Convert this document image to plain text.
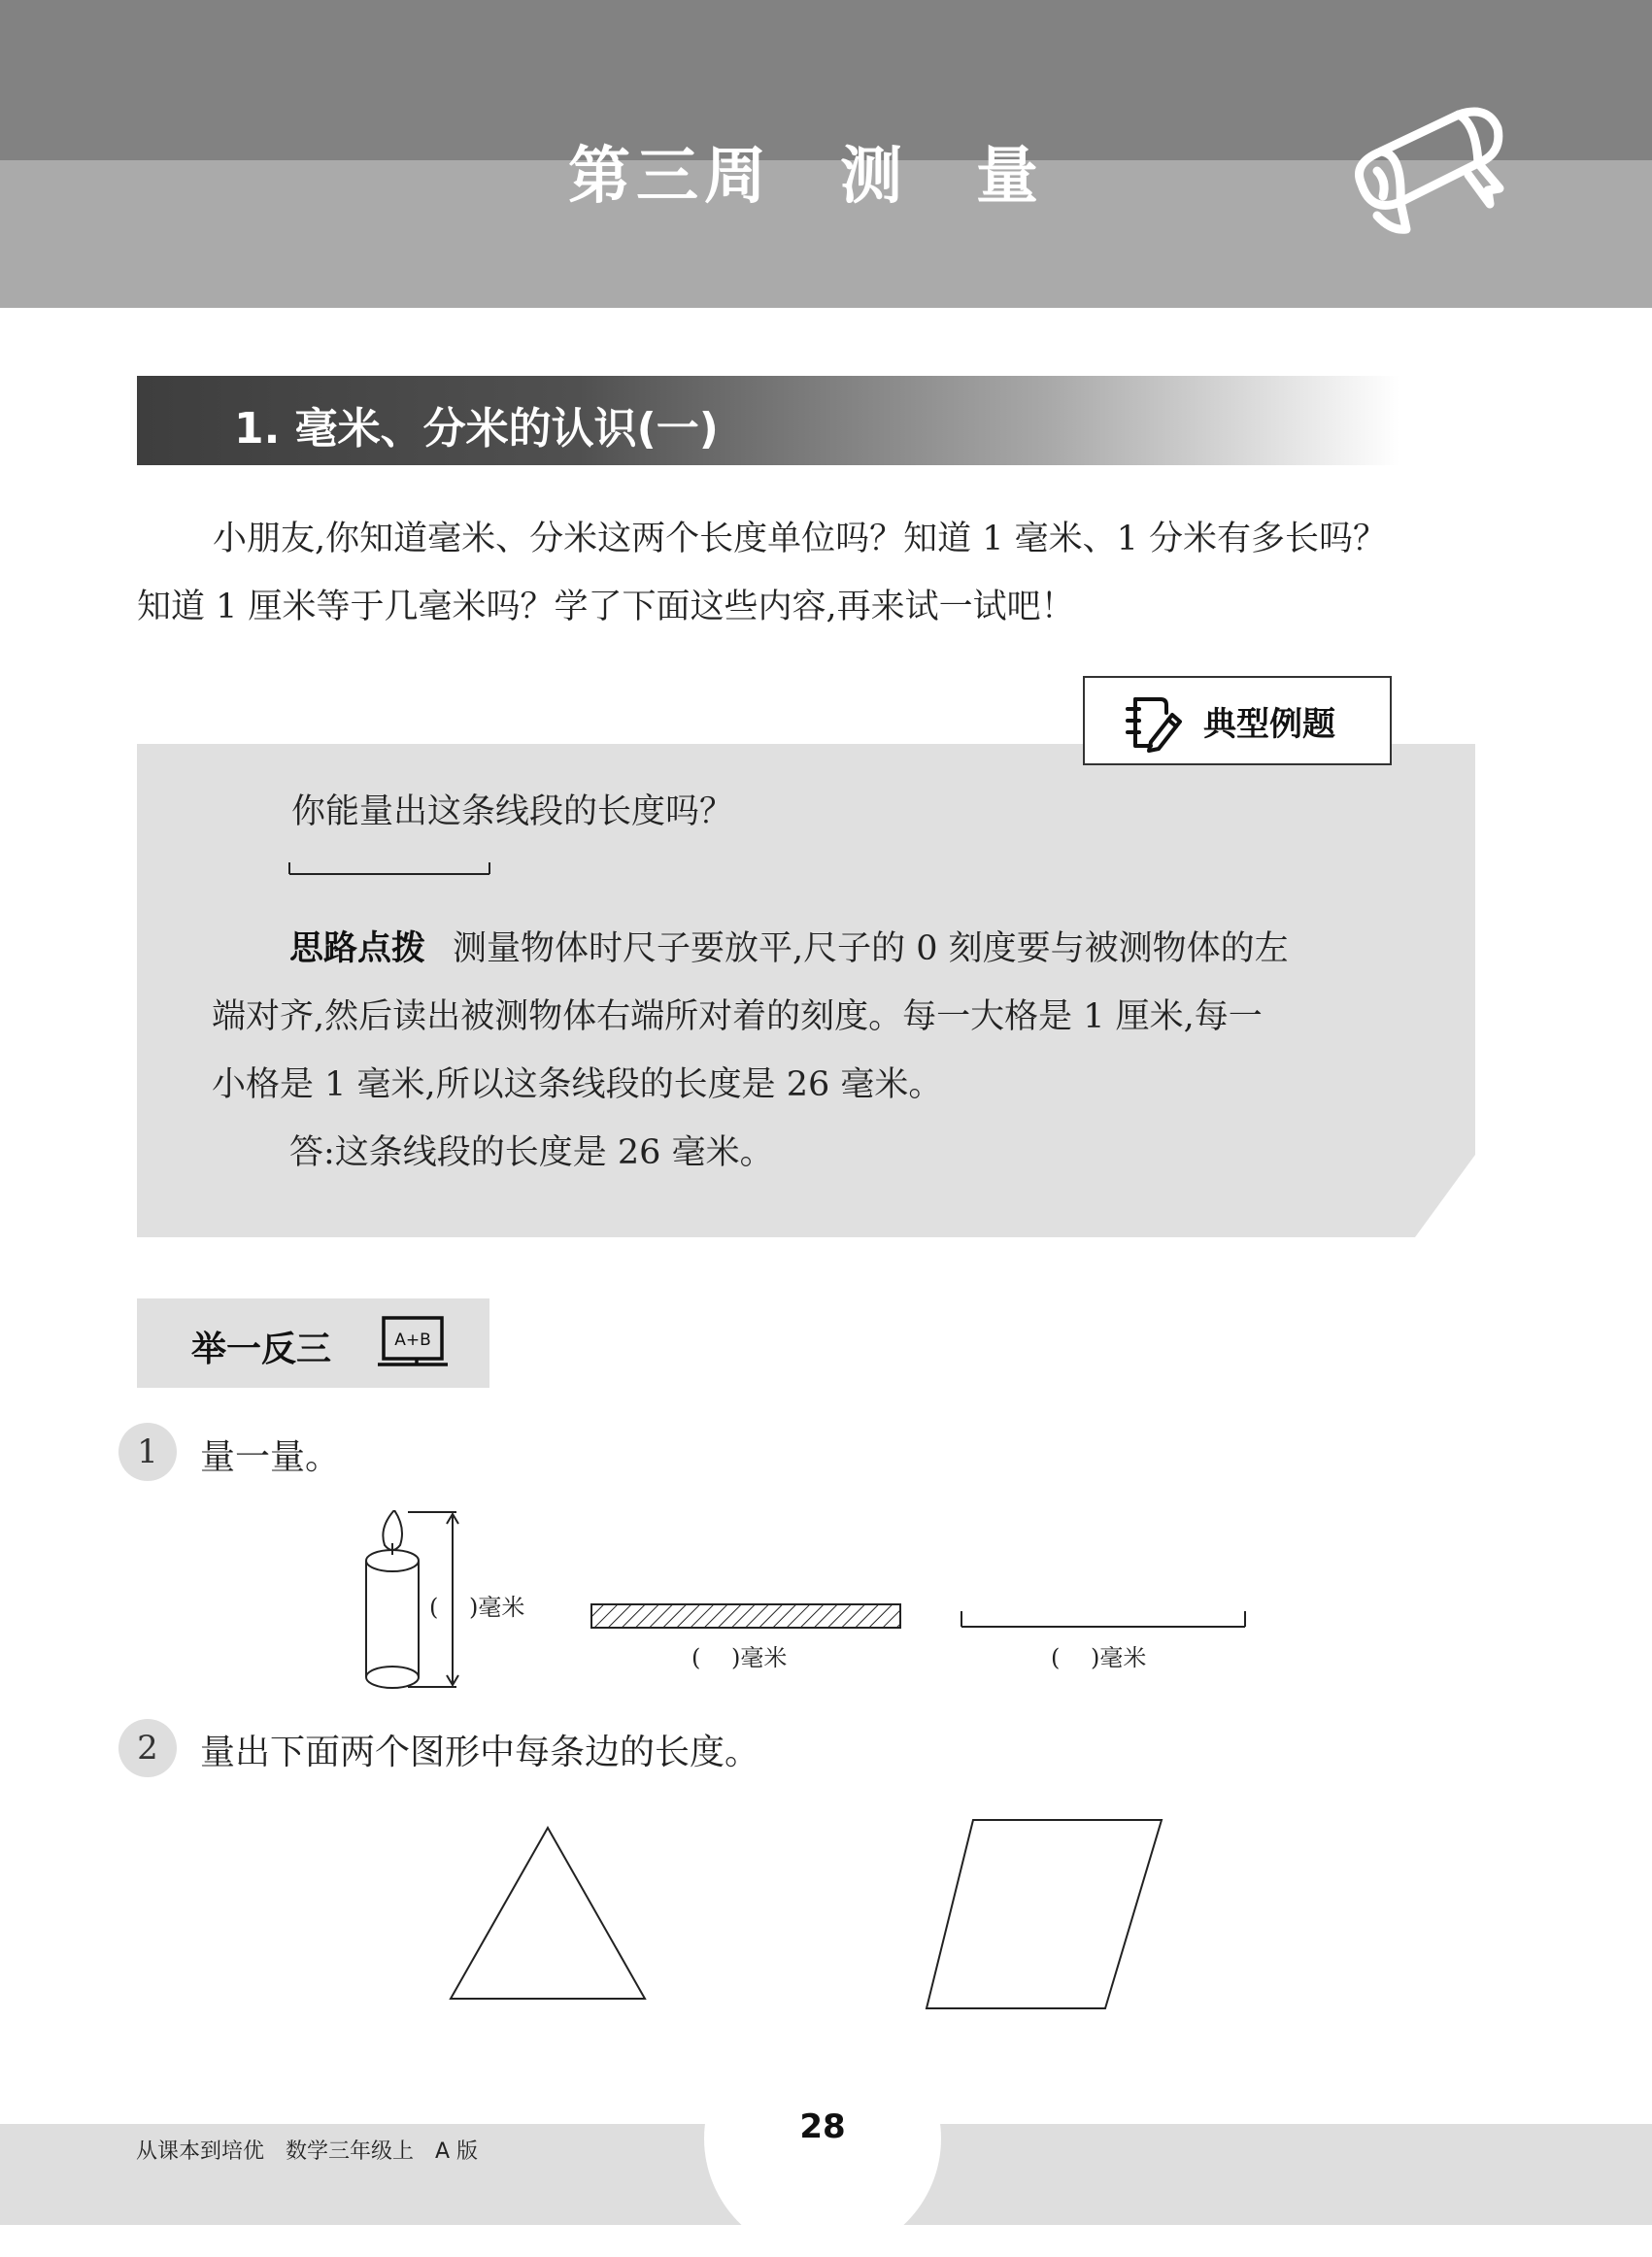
第三周　测　量
1. 毫米、分米的认识(一)

小朋友,你知道毫米、分米这两个长度单位吗？知道 1 毫米、1 分米有多长吗？

知道 1 厘米等于几毫米吗？学了下面这些内容,再来试一试吧！

典型例题
你能量出这条线段的长度吗？

思路点拨 测量物体时尺子要放平,尺子的 0 刻度要与被测物体的左

端对齐,然后读出被测物体右端所对着的刻度。每一大格是 1 厘米,每一

小格是 1 毫米,所以这条线段的长度是 26 毫米。

答:这条线段的长度是 26 毫米。

举一反三	A+B
1	量一量。
(　 )毫米
(　 )毫米	(　 )毫米
2	量出下面两个图形中每条边的长度。
28
从课本到培优　数学三年级上　A 版
